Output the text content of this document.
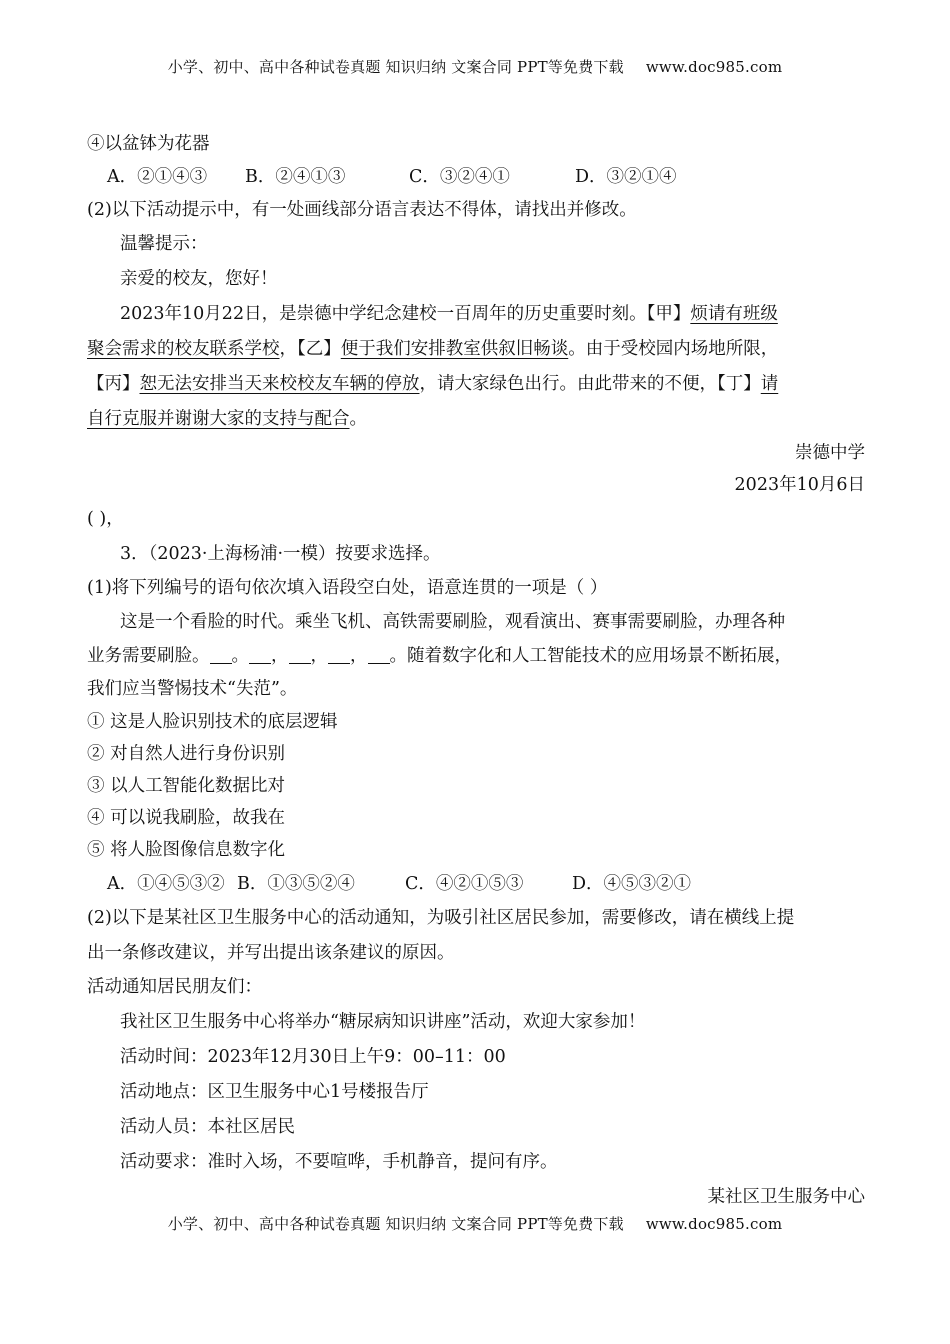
小学、初中、高中各种试卷真题 知识归纳 文案合同 PPT等免费下载 www.doc985.com
④以盆钵为花器
A．②①④③ B．②④①③	C．③②④①	D．③②①④
(2)以下活动提示中，有一处画线部分语言表达不得体，请找出并修改。
温馨提示：
亲爱的校友，您好！
2023年10月22日，是崇德中学纪念建校一百周年的历史重要时刻。【甲】烦请有班级
聚会需求的校友联系学校，【乙】便于我们安排教室供叙旧畅谈。由于受校园内场地所限，
【丙】恕无法安排当天来校校友车辆的停放，请大家绿色出行。由此带来的不便，【丁】请
自行克服并谢谢大家的支持与配合。
崇德中学
2023年10月6日
( )，
3．（2023·上海杨浦·一模）按要求选择。
(1)将下列编号的语句依次填入语段空白处，语意连贯的一项是（ ）
这是一个看脸的时代。乘坐飞机、高铁需要刷脸，观看演出、赛事需要刷脸，办理各种
业务需要刷脸。 。 ， ， ， 。随着数字化和人工智能技术的应用场景不断拓展，
我们应当警惕技术“失范”。
① 这是人脸识别技术的底层逻辑
② 对自然人进行身份识别
③ 以人工智能化数据比对
④ 可以说我刷脸，故我在
⑤ 将人脸图像信息数字化
A．①④⑤③② B．①③⑤②④	C．④②①⑤③	D．④⑤③②①
(2)以下是某社区卫生服务中心的活动通知，为吸引社区居民参加，需要修改，请在横线上提
出一条修改建议，并写出提出该条建议的原因。
活动通知居民朋友们：
我社区卫生服务中心将举办“糖尿病知识讲座”活动，欢迎大家参加！
活动时间：2023年12月30日上午9：00–11：00
活动地点：区卫生服务中心1号楼报告厅
活动人员：本社区居民
活动要求：准时入场，不要喧哗，手机静音，提问有序。
某社区卫生服务中心
小学、初中、高中各种试卷真题 知识归纳 文案合同 PPT等免费下载 www.doc985.com
